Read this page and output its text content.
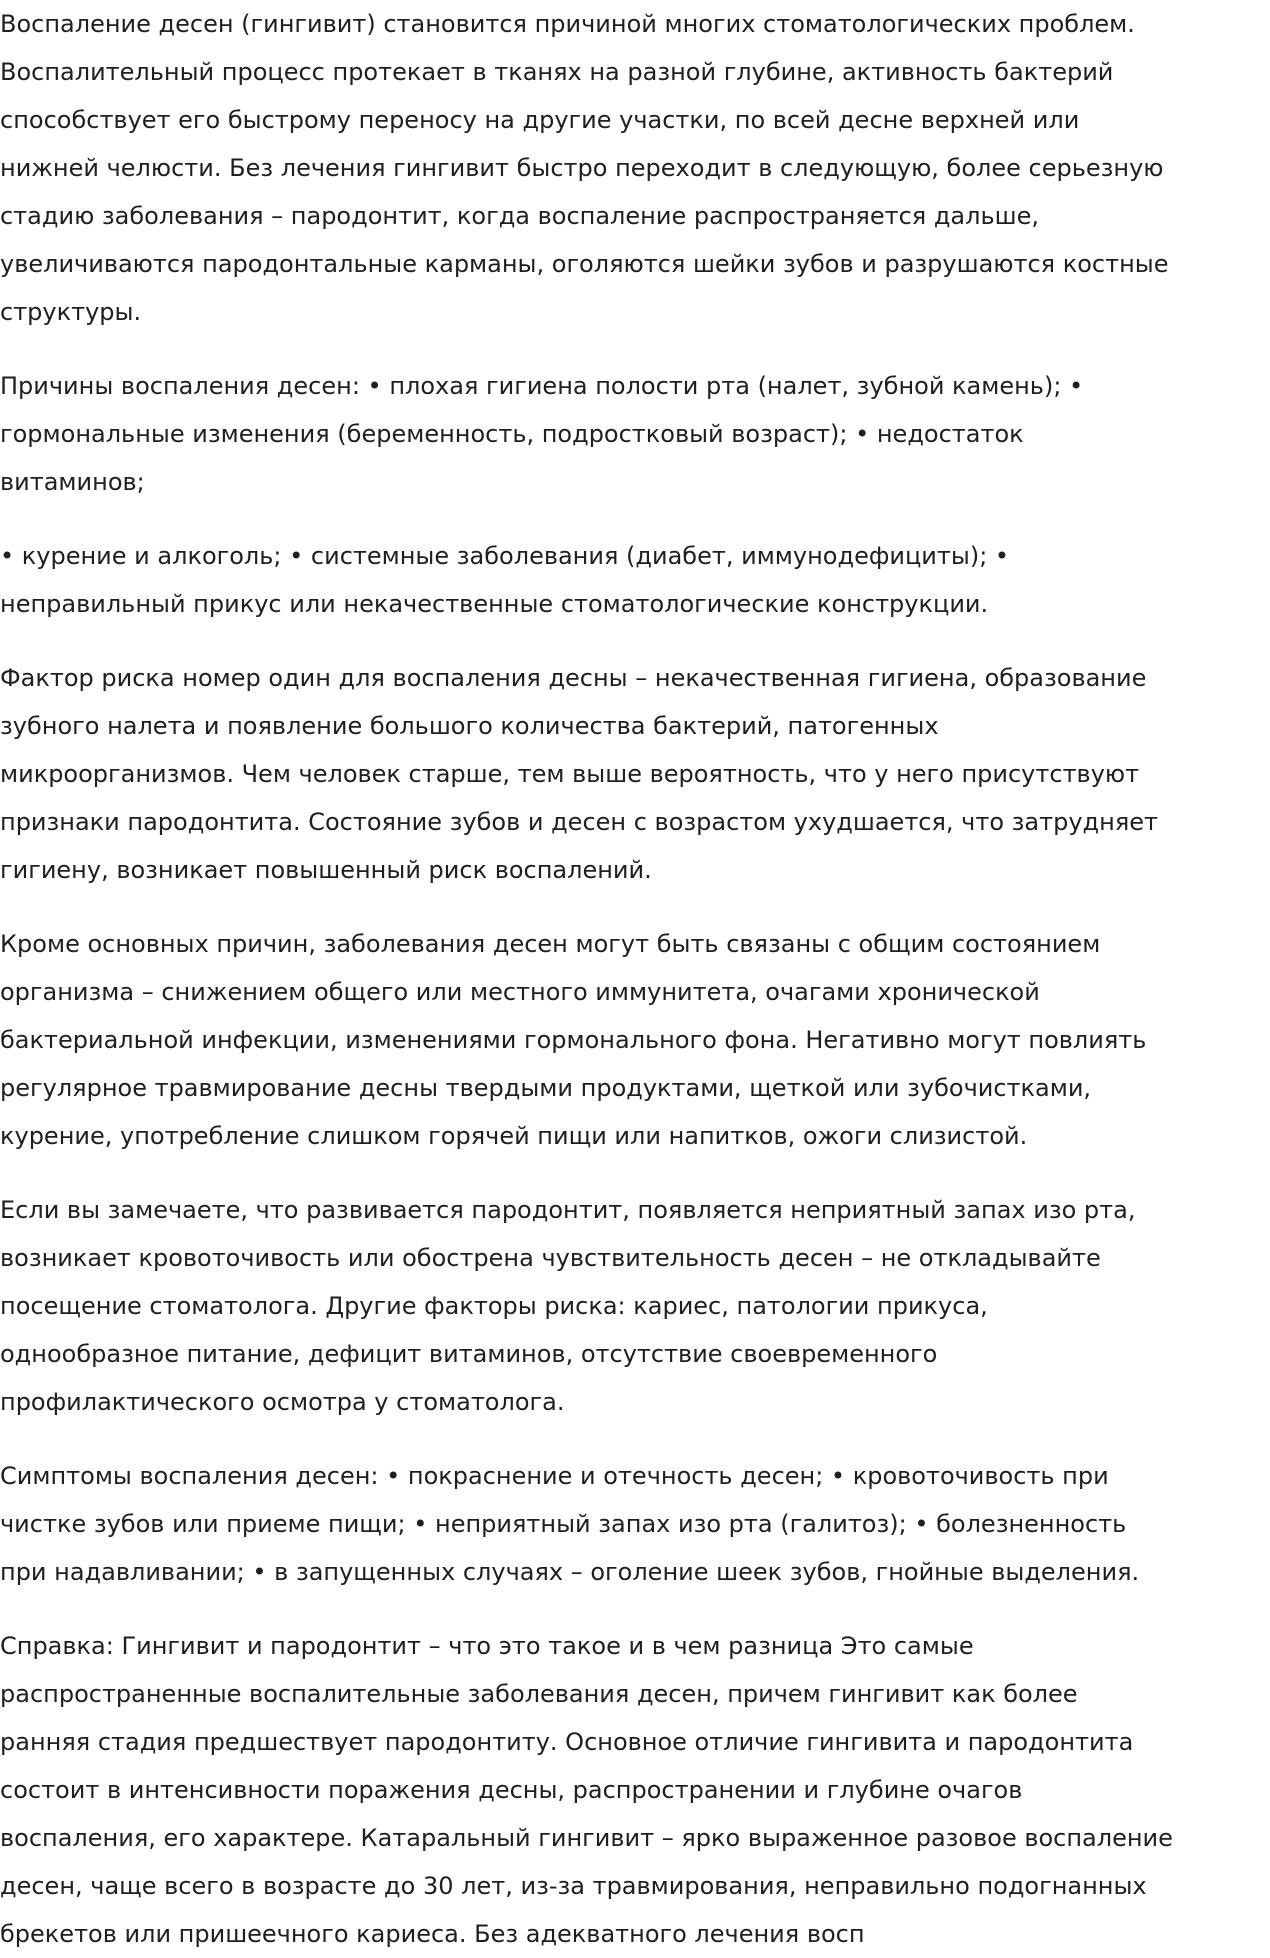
Воспаление десен (гингивит) становится причиной многих стоматологических проблем.
Воспалительный процесс протекает в тканях на разной глубине, активность бактерий
способствует его быстрому переносу на другие участки, по всей десне верхней или
нижней челюсти. Без лечения гингивит быстро переходит в следующую, более серьезную
стадию заболевания – пародонтит, когда воспаление распространяется дальше,
увеличиваются пародонтальные карманы, оголяются шейки зубов и разрушаются костные
структуры.

Причины воспаления десен: • плохая гигиена полости рта (налет, зубной камень); •
гормональные изменения (беременность, подростковый возраст); • недостаток
витаминов;

• курение и алкоголь; • системные заболевания (диабет, иммунодефициты); •
неправильный прикус или некачественные стоматологические конструкции.

Фактор риска номер один для воспаления десны – некачественная гигиена, образование
зубного налета и появление большого количества бактерий, патогенных
микроорганизмов. Чем человек старше, тем выше вероятность, что у него присутствуют
признаки пародонтита. Состояние зубов и десен с возрастом ухудшается, что затрудняет
гигиену, возникает повышенный риск воспалений.

Кроме основных причин, заболевания десен могут быть связаны с общим состоянием
организма – снижением общего или местного иммунитета, очагами хронической
бактериальной инфекции, изменениями гормонального фона. Негативно могут повлиять
регулярное травмирование десны твердыми продуктами, щеткой или зубочистками,
курение, употребление слишком горячей пищи или напитков, ожоги слизистой.

Если вы замечаете, что развивается пародонтит, появляется неприятный запах изо рта,
возникает кровоточивость или обострена чувствительность десен – не откладывайте
посещение стоматолога. Другие факторы риска: кариес, патологии прикуса,
однообразное питание, дефицит витаминов, отсутствие своевременного
профилактического осмотра у стоматолога.

Симптомы воспаления десен: • покраснение и отечность десен; • кровоточивость при
чистке зубов или приеме пищи; • неприятный запах изо рта (галитоз); • болезненность
при надавливании; • в запущенных случаях – оголение шеек зубов, гнойные выделения.

Справка: Гингивит и пародонтит – что это такое и в чем разница Это самые
распространенные воспалительные заболевания десен, причем гингивит как более
ранняя стадия предшествует пародонтиту. Основное отличие гингивита и пародонтита
состоит в интенсивности поражения десны, распространении и глубине очагов
воспаления, его характере. Катаральный гингивит – ярко выраженное разовое воспаление
десен, чаще всего в возрасте до 30 лет, из-за травмирования, неправильно подогнанных
брекетов или пришеечного кариеса. Без адекватного лечения восп
